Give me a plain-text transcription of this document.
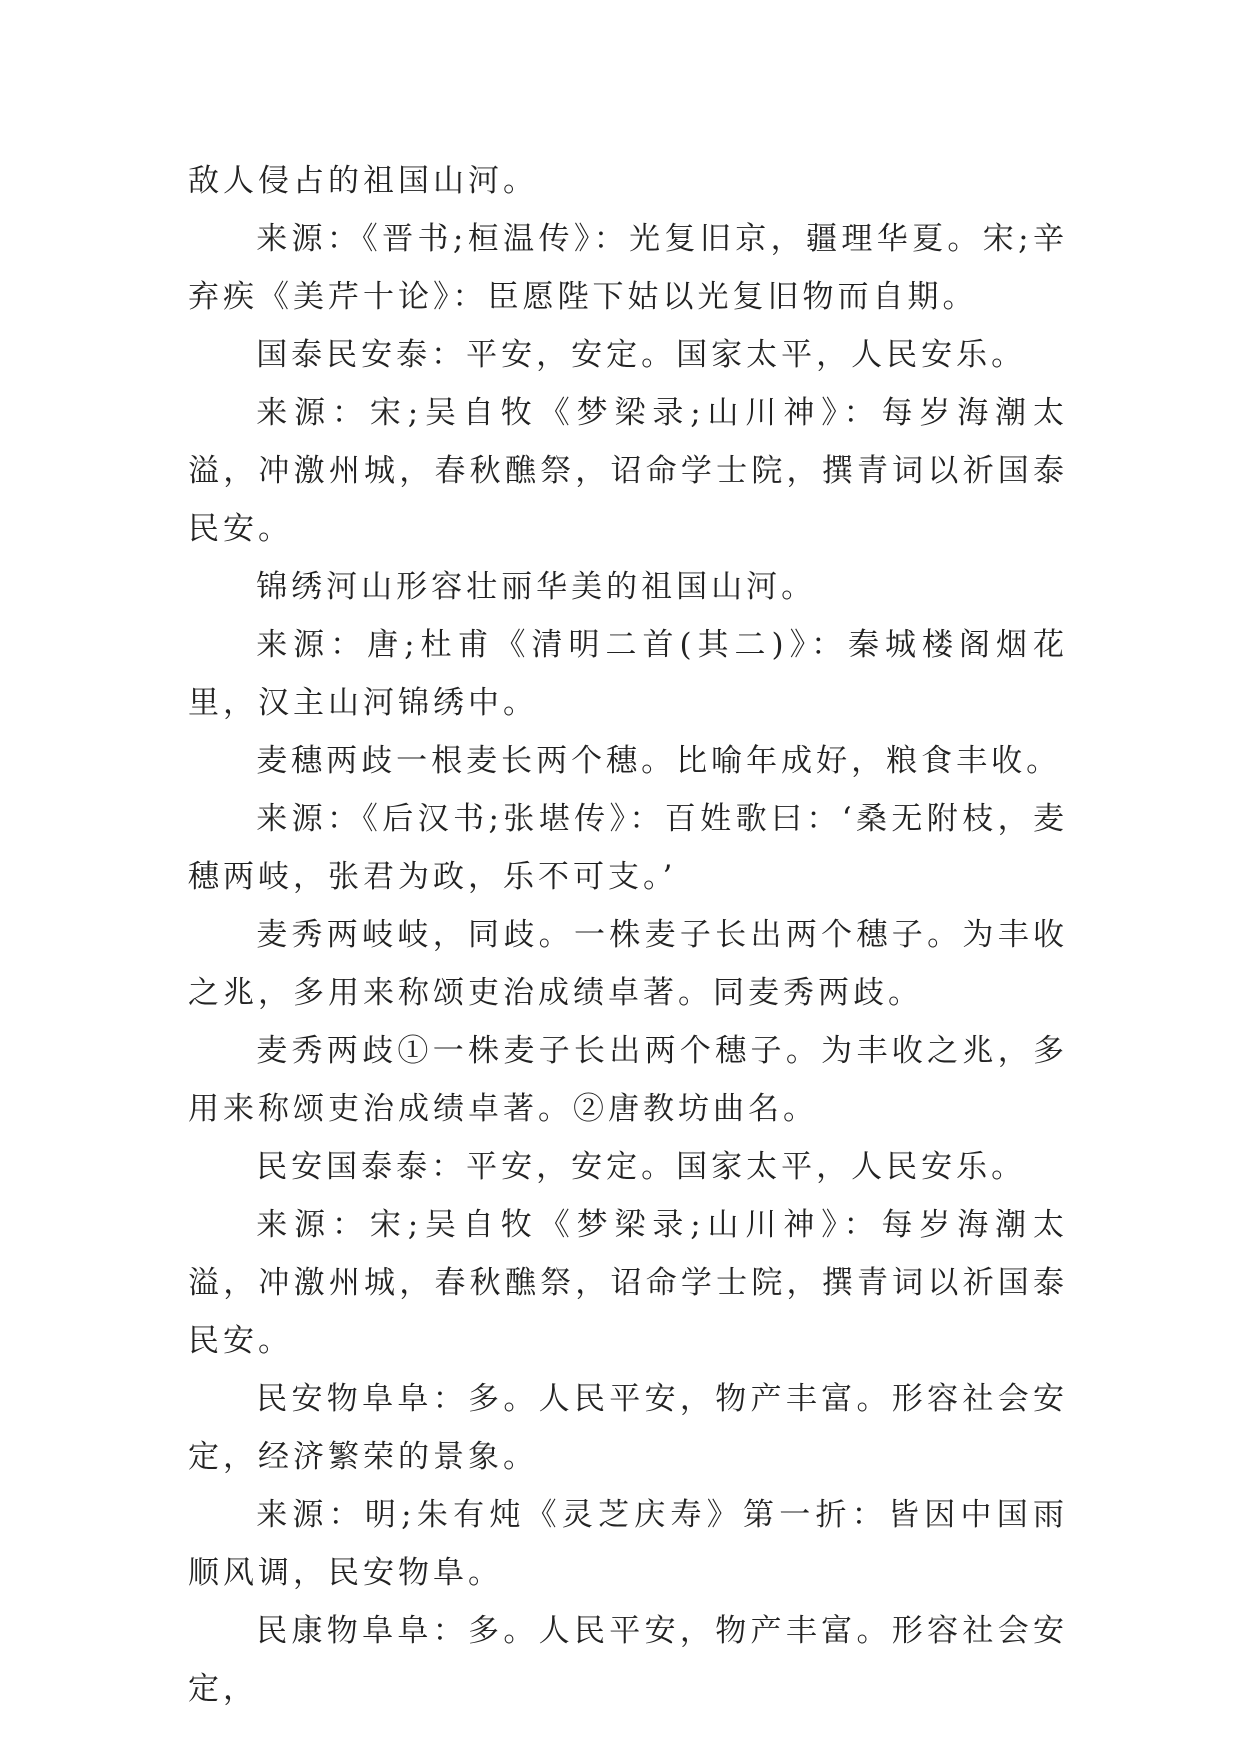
敌人侵占的祖国山河。

来源：《晋书;桓温传》：光复旧京，疆理华夏。宋;辛弃疾《美芹十论》：臣愿陛下姑以光复旧物而自期。

国泰民安泰：平安，安定。国家太平，人民安乐。

来源：宋;吴自牧《梦梁录;山川神》：每岁海潮太溢，冲激州城，春秋醮祭，诏命学士院，撰青词以祈国泰民安。

锦绣河山形容壮丽华美的祖国山河。

来源：唐;杜甫《清明二首(其二)》：秦城楼阁烟花里，汉主山河锦绣中。

麦穗两歧一根麦长两个穗。比喻年成好，粮食丰收。

来源：《后汉书;张堪传》：百姓歌曰：‘桑无附枝，麦穗两岐，张君为政，乐不可支。’

麦秀两岐岐，同歧。一株麦子长出两个穗子。为丰收之兆，多用来称颂吏治成绩卓著。同麦秀两歧。

麦秀两歧①一株麦子长出两个穗子。为丰收之兆，多用来称颂吏治成绩卓著。②唐教坊曲名。

民安国泰泰：平安，安定。国家太平，人民安乐。

来源：宋;吴自牧《梦梁录;山川神》：每岁海潮太溢，冲激州城，春秋醮祭，诏命学士院，撰青词以祈国泰民安。

民安物阜阜：多。人民平安，物产丰富。形容社会安定，经济繁荣的景象。

来源：明;朱有炖《灵芝庆寿》第一折：皆因中国雨顺风调，民安物阜。

民康物阜阜：多。人民平安，物产丰富。形容社会安定，
